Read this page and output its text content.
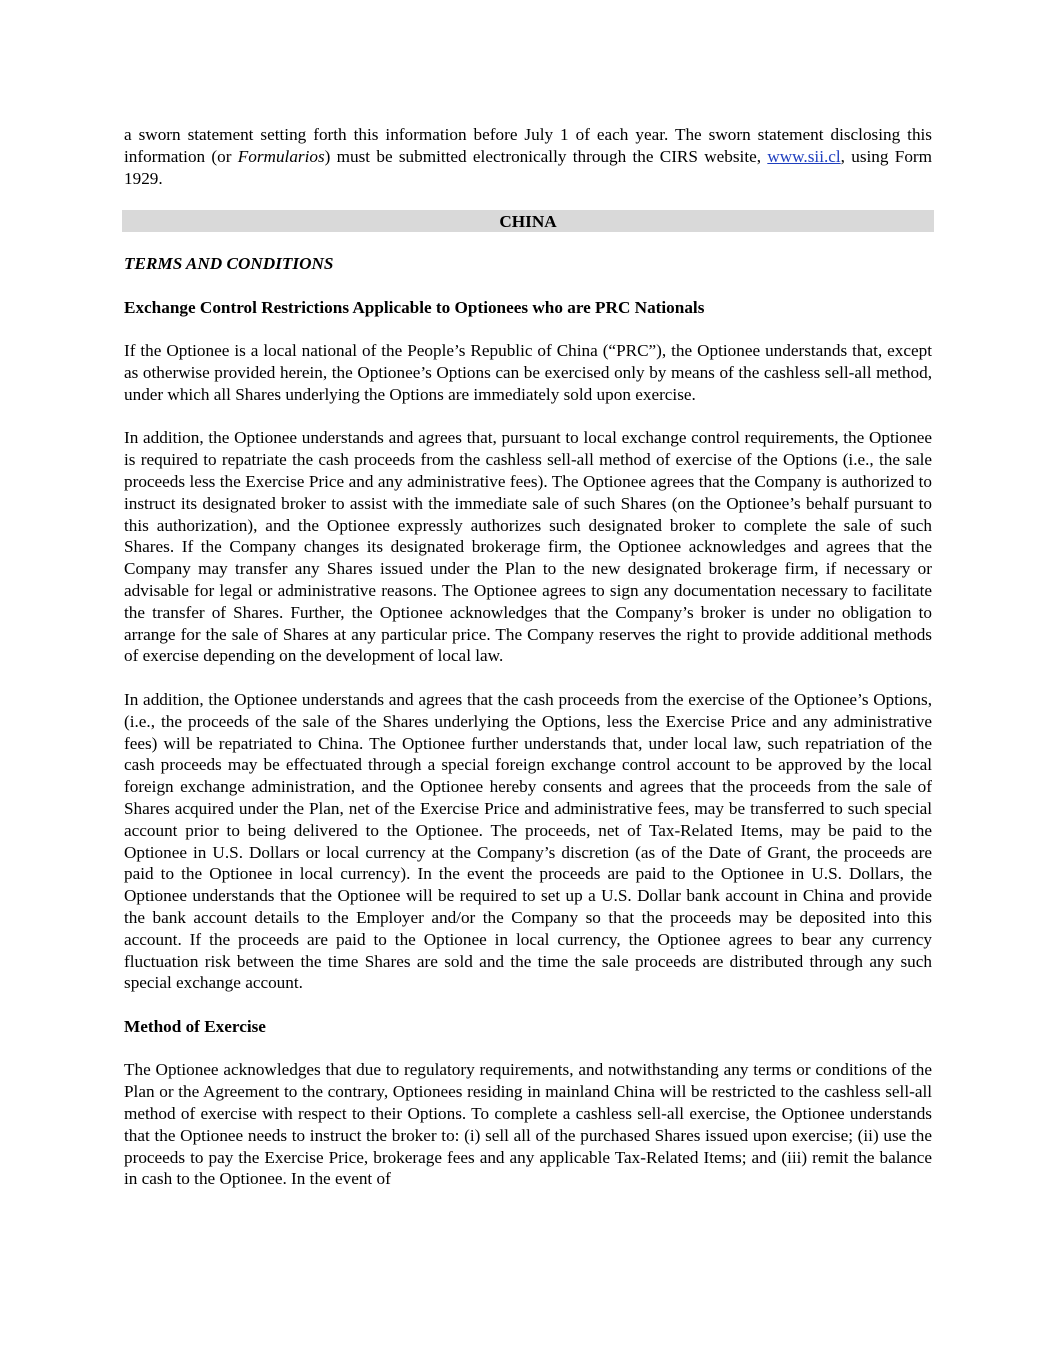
a sworn statement setting forth this information before July 1 of each year. The sworn statement disclosing this information (or Formularios) must be submitted electronically through the CIRS website, www.sii.cl, using Form 1929.

CHINA

TERMS AND CONDITIONS

Exchange Control Restrictions Applicable to Optionees who are PRC Nationals

If the Optionee is a local national of the People’s Republic of China (“PRC”), the Optionee understands that, except as otherwise provided herein, the Optionee’s Options can be exercised only by means of the cashless sell-all method, under which all Shares underlying the Options are immediately sold upon exercise.

In addition, the Optionee understands and agrees that, pursuant to local exchange control requirements, the Optionee is required to repatriate the cash proceeds from the cashless sell-all method of exercise of the Options (i.e., the sale proceeds less the Exercise Price and any administrative fees). The Optionee agrees that the Company is authorized to instruct its designated broker to assist with the immediate sale of such Shares (on the Optionee’s behalf pursuant to this authorization), and the Optionee expressly authorizes such designated broker to complete the sale of such Shares. If the Company changes its designated brokerage firm, the Optionee acknowledges and agrees that the Company may transfer any Shares issued under the Plan to the new designated brokerage firm, if necessary or advisable for legal or administrative reasons. The Optionee agrees to sign any documentation necessary to facilitate the transfer of Shares. Further, the Optionee acknowledges that the Company’s broker is under no obligation to arrange for the sale of Shares at any particular price. The Company reserves the right to provide additional methods of exercise depending on the development of local law.

In addition, the Optionee understands and agrees that the cash proceeds from the exercise of the Optionee’s Options, (i.e., the proceeds of the sale of the Shares underlying the Options, less the Exercise Price and any administrative fees) will be repatriated to China. The Optionee further understands that, under local law, such repatriation of the cash proceeds may be effectuated through a special foreign exchange control account to be approved by the local foreign exchange administration, and the Optionee hereby consents and agrees that the proceeds from the sale of Shares acquired under the Plan, net of the Exercise Price and administrative fees, may be transferred to such special account prior to being delivered to the Optionee. The proceeds, net of Tax-Related Items, may be paid to the Optionee in U.S. Dollars or local currency at the Company’s discretion (as of the Date of Grant, the proceeds are paid to the Optionee in local currency). In the event the proceeds are paid to the Optionee in U.S. Dollars, the Optionee understands that the Optionee will be required to set up a U.S. Dollar bank account in China and provide the bank account details to the Employer and/or the Company so that the proceeds may be deposited into this account. If the proceeds are paid to the Optionee in local currency, the Optionee agrees to bear any currency fluctuation risk between the time Shares are sold and the time the sale proceeds are distributed through any such special exchange account.

Method of Exercise

The Optionee acknowledges that due to regulatory requirements, and notwithstanding any terms or conditions of the Plan or the Agreement to the contrary, Optionees residing in mainland China will be restricted to the cashless sell-all method of exercise with respect to their Options. To complete a cashless sell-all exercise, the Optionee understands that the Optionee needs to instruct the broker to: (i) sell all of the purchased Shares issued upon exercise; (ii) use the proceeds to pay the Exercise Price, brokerage fees and any applicable Tax-Related Items; and (iii) remit the balance in cash to the Optionee. In the event of
